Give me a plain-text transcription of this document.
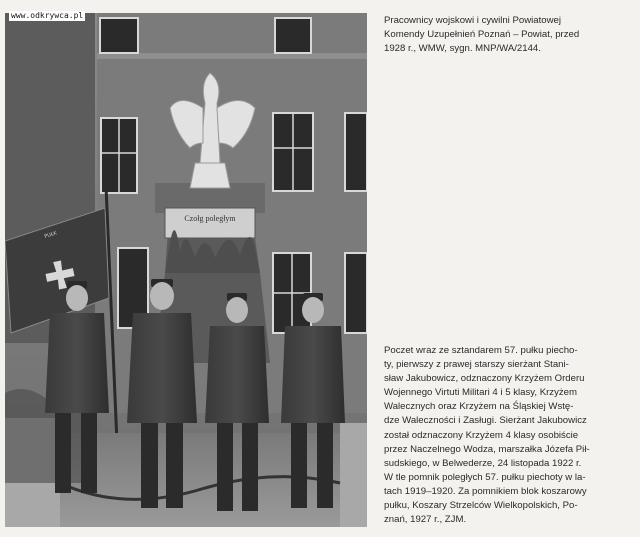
Czołg poległym
PUŁK
www.odkrywca.pl	Pracownicy wojskowi i cywilni Powiatowej
Komendy Uzupełnień Poznań – Powiat, przed
1928 r., WMW, sygn. MNP/WA/2144.
Poczet wraz ze sztandarem 57. pułku piecho-
ty, pierwszy z prawej starszy sierżant Stani-
sław Jakubowicz, odznaczony Krzyżem Orderu
Wojennego Virtuti Militari 4 i 5 klasy, Krzyżem
Walecznych oraz Krzyżem na Śląskiej Wstę-
dze Waleczności i Zasługi. Sierżant Jakubowicz
został odznaczony Krzyżem 4 klasy osobiście
przez Naczelnego Wodza, marszałka Józefa Pił-
sudskiego, w Belwederze, 24 listopada 1922 r.
W tle pomnik poległych 57. pułku piechoty w la-
tach 1919–1920. Za pomnikiem blok koszarowy
pułku, Koszary Strzelców Wielkopolskich, Po-
znań, 1927 r., ZJM.
